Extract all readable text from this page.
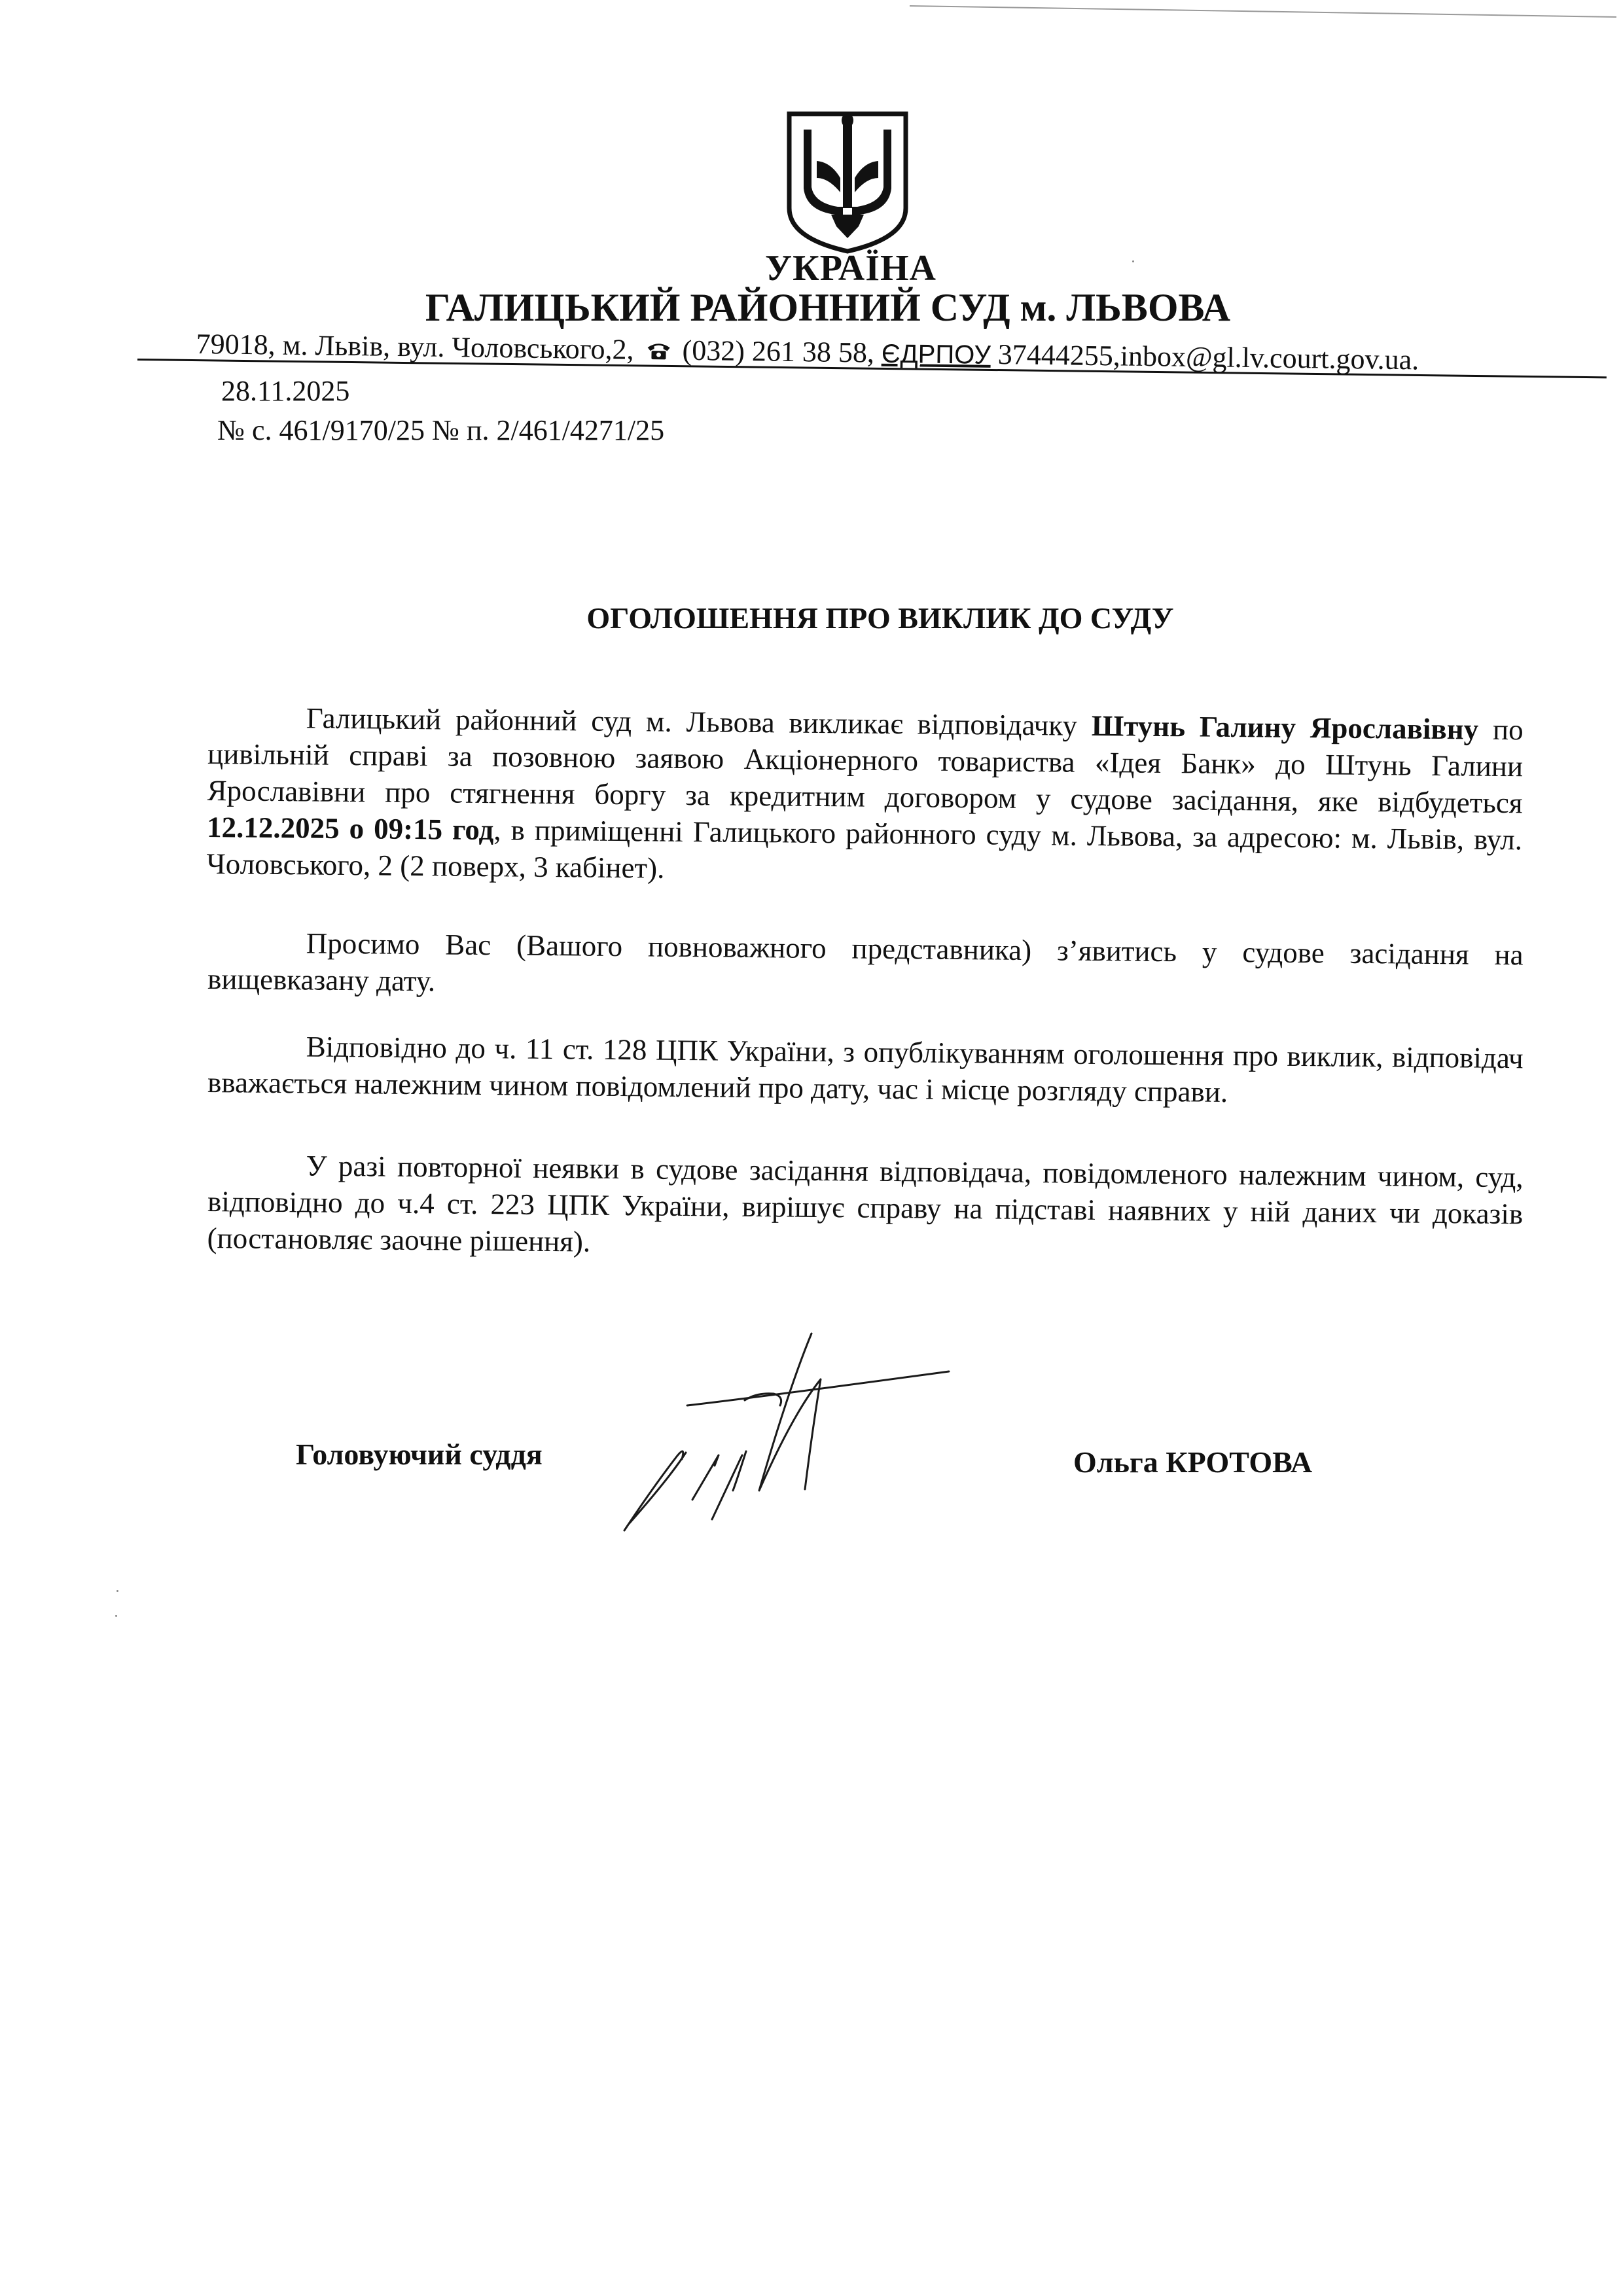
УКРАЇНА
ГАЛИЦЬКИЙ РАЙОННИЙ СУД м. ЛЬВОВА
79018, м. Львів, вул. Чоловського,2, (032) 261 38 58, ЄДРПОУ 37444255,inbox@gl.lv.court.gov.ua.
28.11.2025
№ с. 461/9170/25 № п. 2/461/4271/25
ОГОЛОШЕННЯ ПРО ВИКЛИК ДО СУДУ

Галицький районний суд м. Львова викликає відповідачку Штунь Галину Ярославівну по цивільній справі за позовною заявою Акціонерного товариства «Ідея Банк» до Штунь Галини Ярославівни про стягнення боргу за кредитним договором у судове засідання, яке відбудеться 12.12.2025 о 09:15 год, в приміщенні Галицького районного суду м. Львова, за адресою: м. Львів, вул. Чоловського, 2 (2 поверх, 3 кабінет).

Просимо Вас (Вашого повноважного представника) з’явитись у судове засідання на вищевказану дату.

Відповідно до ч. 11 ст. 128 ЦПК України, з опублікуванням оголошення про виклик, відповідач вважається належним чином повідомлений про дату, час і місце розгляду справи.

У разі повторної неявки в судове засідання відповідача, повідомленого належним чином, суд, відповідно до ч.4 ст. 223 ЦПК України, вирішує справу на підставі наявних у ній даних чи доказів (постановляє заочне рішення).

Головуючий суддя	Ольга КРОТОВА
